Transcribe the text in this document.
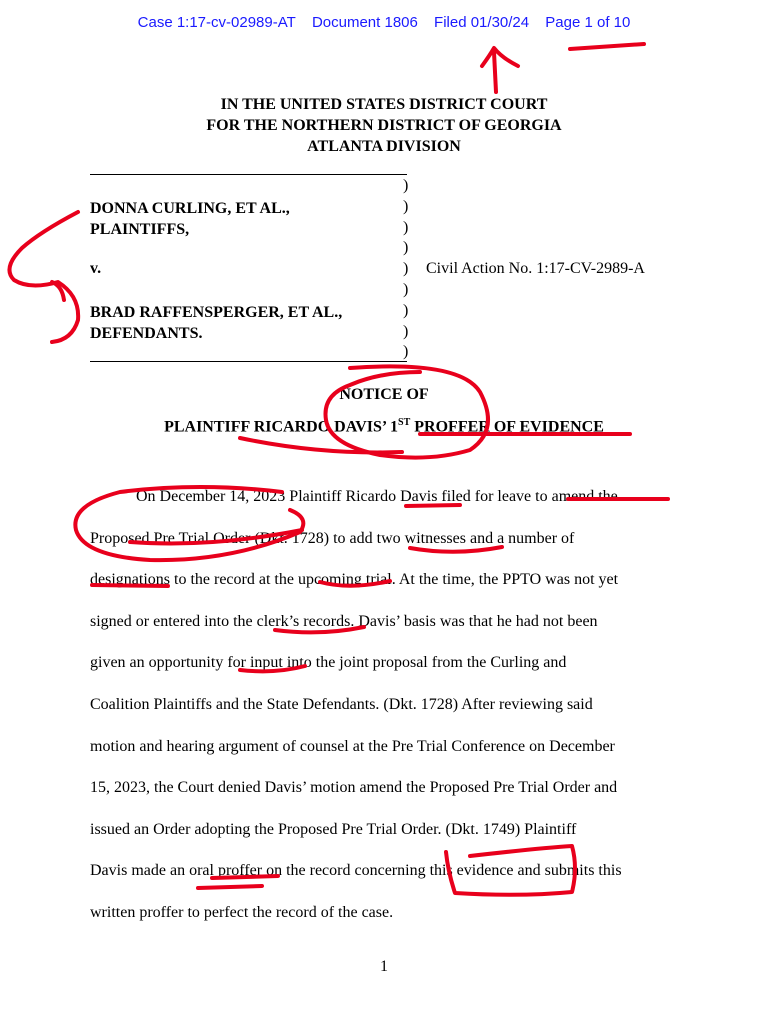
Case 1:17-cv-02989-AT Document 1806 Filed 01/30/24 Page 1 of 10
IN THE UNITED STATES DISTRICT COURT
FOR THE NORTHERN DISTRICT OF GEORGIA
ATLANTA DIVISION
)
)
)
)
)
)
)
)
)
DONNA CURLING, ET AL.,
PLAINTIFFS,
v.	Civil Action No. 1:17-CV-2989-A
BRAD RAFFENSPERGER, ET AL.,
DEFENDANTS.
NOTICE OF
PLAINTIFF RICARDO DAVIS’ 1ST PROFFER OF EVIDENCE
On December 14, 2023 Plaintiff Ricardo Davis filed for leave to amend the
Proposed Pre Trial Order (Dkt. 1728) to add two witnesses and a number of
designations to the record at the upcoming trial. At the time, the PPTO was not yet
signed or entered into the clerk’s records. Davis’ basis was that he had not been
given an opportunity for input into the joint proposal from the Curling and
Coalition Plaintiffs and the State Defendants. (Dkt. 1728) After reviewing said
motion and hearing argument of counsel at the Pre Trial Conference on December
15, 2023, the Court denied Davis’ motion amend the Proposed Pre Trial Order and
issued an Order adopting the Proposed Pre Trial Order. (Dkt. 1749) Plaintiff
Davis made an oral proffer on the record concerning this evidence and submits this
written proffer to perfect the record of the case.
1
